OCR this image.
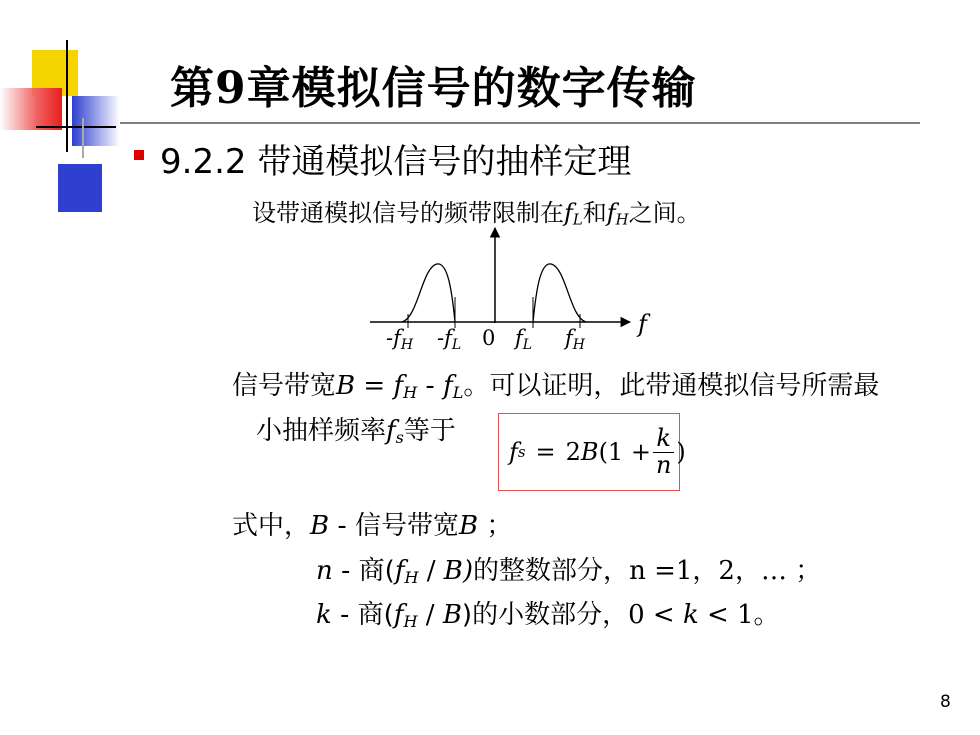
第9章模拟信号的数字传输
9.2.2 带通模拟信号的抽样定理
设带通模拟信号的频带限制在$f_L$和$f_H$之间。
f
-fH -fL 0 fL fH
信号带宽$B = f_H - f_L$。可以证明，此带通模拟信号所需最
小抽样频率$f_s$等于
f s = 2 B ($1 + \frac{k}{n}$ )
式中，B - 信号带宽B ；
n - 商$(f_H / B)$的整数部分，n =1，2，… ；
k - 商$(f_H / B)$的小数部分，0 < k < 1。
8
